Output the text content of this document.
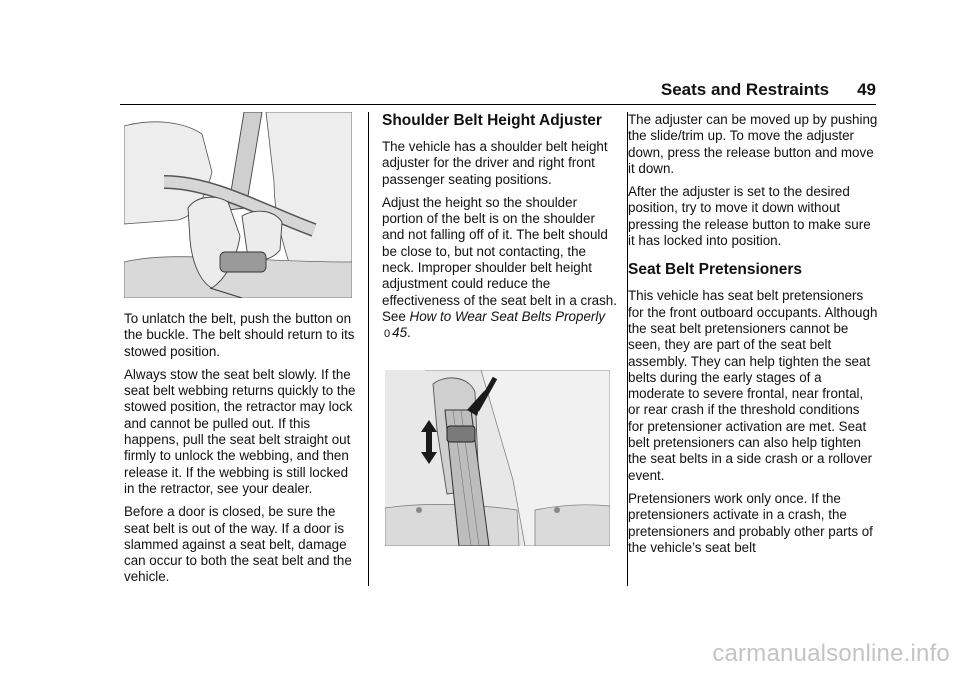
Seats and Restraints 49

To unlatch the belt, push the button on the buckle. The belt should return to its stowed position.

Always stow the seat belt slowly. If the seat belt webbing returns quickly to the stowed position, the retractor may lock and cannot be pulled out. If this happens, pull the seat belt straight out firmly to unlock the webbing, and then release it. If the webbing is still locked in the retractor, see your dealer.

Before a door is closed, be sure the seat belt is out of the way. If a door is slammed against a seat belt, damage can occur to both the seat belt and the vehicle.

Shoulder Belt Height Adjuster

The vehicle has a shoulder belt height adjuster for the driver and right front passenger seating positions.

Adjust the height so the shoulder portion of the belt is on the shoulder and not falling off of it. The belt should be close to, but not contacting, the neck. Improper shoulder belt height adjustment could reduce the effectiveness of the seat belt in a crash. See How to Wear Seat Belts Properly 0 45.

The adjuster can be moved up by pushing the slide/trim up. To move the adjuster down, press the release button and move it down.

After the adjuster is set to the desired position, try to move it down without pressing the release button to make sure it has locked into position.

Seat Belt Pretensioners

This vehicle has seat belt pretensioners for the front outboard occupants. Although the seat belt pretensioners cannot be seen, they are part of the seat belt assembly. They can help tighten the seat belts during the early stages of a moderate to severe frontal, near frontal, or rear crash if the threshold conditions for pretensioner activation are met. Seat belt pretensioners can also help tighten the seat belts in a side crash or a rollover event.

Pretensioners work only once. If the pretensioners activate in a crash, the pretensioners and probably other parts of the vehicle’s seat belt

carmanualsonline.info
